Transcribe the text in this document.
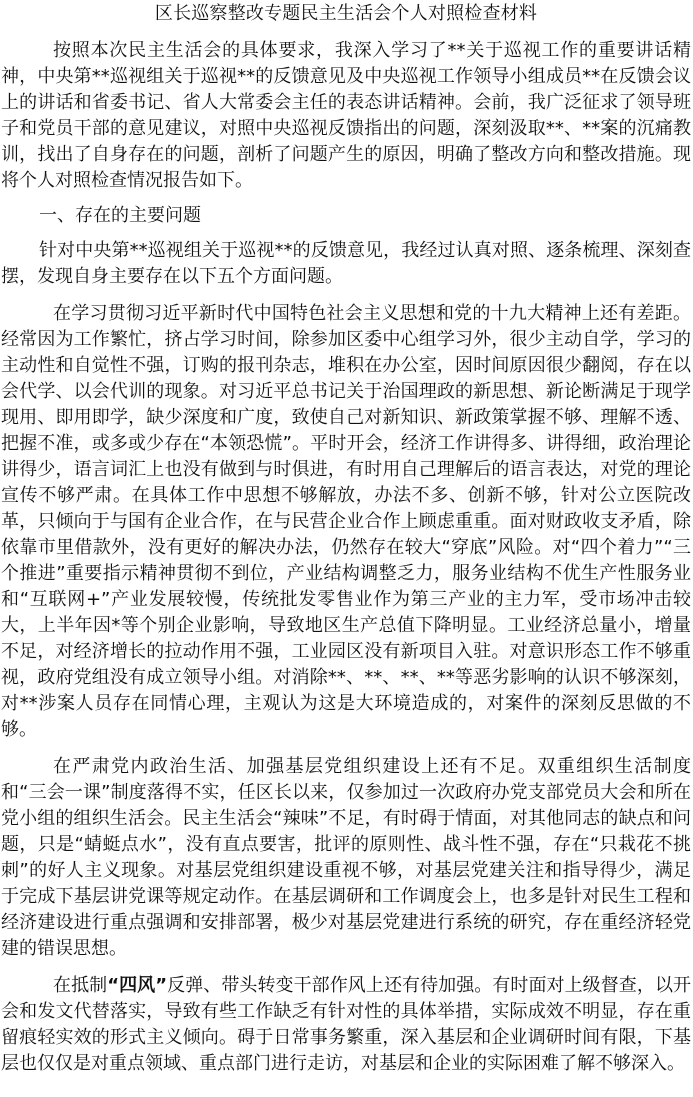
区长巡察整改专题民主生活会个人对照检查材料

按照本次民主生活会的具体要求，我深入学习了**关于巡视工作的重要讲话精神，中央第**巡视组关于巡视**的反馈意见及中央巡视工作领导小组成员**在反馈会议上的讲话和省委书记、省人大常委会主任的表态讲话精神。会前，我广泛征求了领导班子和党员干部的意见建议，对照中央巡视反馈指出的问题，深刻汲取**、**案的沉痛教训，找出了自身存在的问题，剖析了问题产生的原因，明确了整改方向和整改措施。现将个人对照检查情况报告如下。

一、存在的主要问题

针对中央第**巡视组关于巡视**的反馈意见，我经过认真对照、逐条梳理、深刻查摆，发现自身主要存在以下五个方面问题。

在学习贯彻习近平新时代中国特色社会主义思想和党的十九大精神上还有差距。经常因为工作繁忙，挤占学习时间，除参加区委中心组学习外，很少主动自学，学习的主动性和自觉性不强，订购的报刊杂志，堆积在办公室，因时间原因很少翻阅，存在以会代学、以会代训的现象。对习近平总书记关于治国理政的新思想、新论断满足于现学现用、即用即学，缺少深度和广度，致使自己对新知识、新政策掌握不够、理解不透、把握不准，或多或少存在“本领恐慌”。平时开会，经济工作讲得多、讲得细，政治理论讲得少，语言词汇上也没有做到与时俱进，有时用自己理解后的语言表达，对党的理论宣传不够严肃。在具体工作中思想不够解放，办法不多、创新不够，针对公立医院改革，只倾向于与国有企业合作，在与民营企业合作上顾虑重重。面对财政收支矛盾，除依靠市里借款外，没有更好的解决办法，仍然存在较大“穿底”风险。对“四个着力”“三个推进”重要指示精神贯彻不到位，产业结构调整乏力，服务业结构不优生产性服务业和“互联网+”产业发展较慢，传统批发零售业作为第三产业的主力军，受市场冲击较大，上半年因*等个别企业影响，导致地区生产总值下降明显。工业经济总量小，增量不足，对经济增长的拉动作用不强，工业园区没有新项目入驻。对意识形态工作不够重视，政府党组没有成立领导小组。对消除**、**、**、**等恶劣影响的认识不够深刻，对**涉案人员存在同情心理，主观认为这是大环境造成的，对案件的深刻反思做的不够。

在严肃党内政治生活、加强基层党组织建设上还有不足。双重组织生活制度和“三会一课”制度落得不实，任区长以来，仅参加过一次政府办党支部党员大会和所在党小组的组织生活会。民主生活会“辣味”不足，有时碍于情面，对其他同志的缺点和问题，只是“蜻蜓点水”，没有直点要害，批评的原则性、战斗性不强，存在“只栽花不挑刺”的好人主义现象。对基层党组织建设重视不够，对基层党建关注和指导得少，满足于完成下基层讲党课等规定动作。在基层调研和工作调度会上，也多是针对民生工程和经济建设进行重点强调和安排部署，极少对基层党建进行系统的研究，存在重经济轻党建的错误思想。

在抵制“四风”反弹、带头转变干部作风上还有待加强。有时面对上级督查，以开会和发文代替落实，导致有些工作缺乏有针对性的具体举措，实际成效不明显，存在重留痕轻实效的形式主义倾向。碍于日常事务繁重，深入基层和企业调研时间有限，下基层也仅仅是对重点领域、重点部门进行走访，对基层和企业的实际困难了解不够深入。
